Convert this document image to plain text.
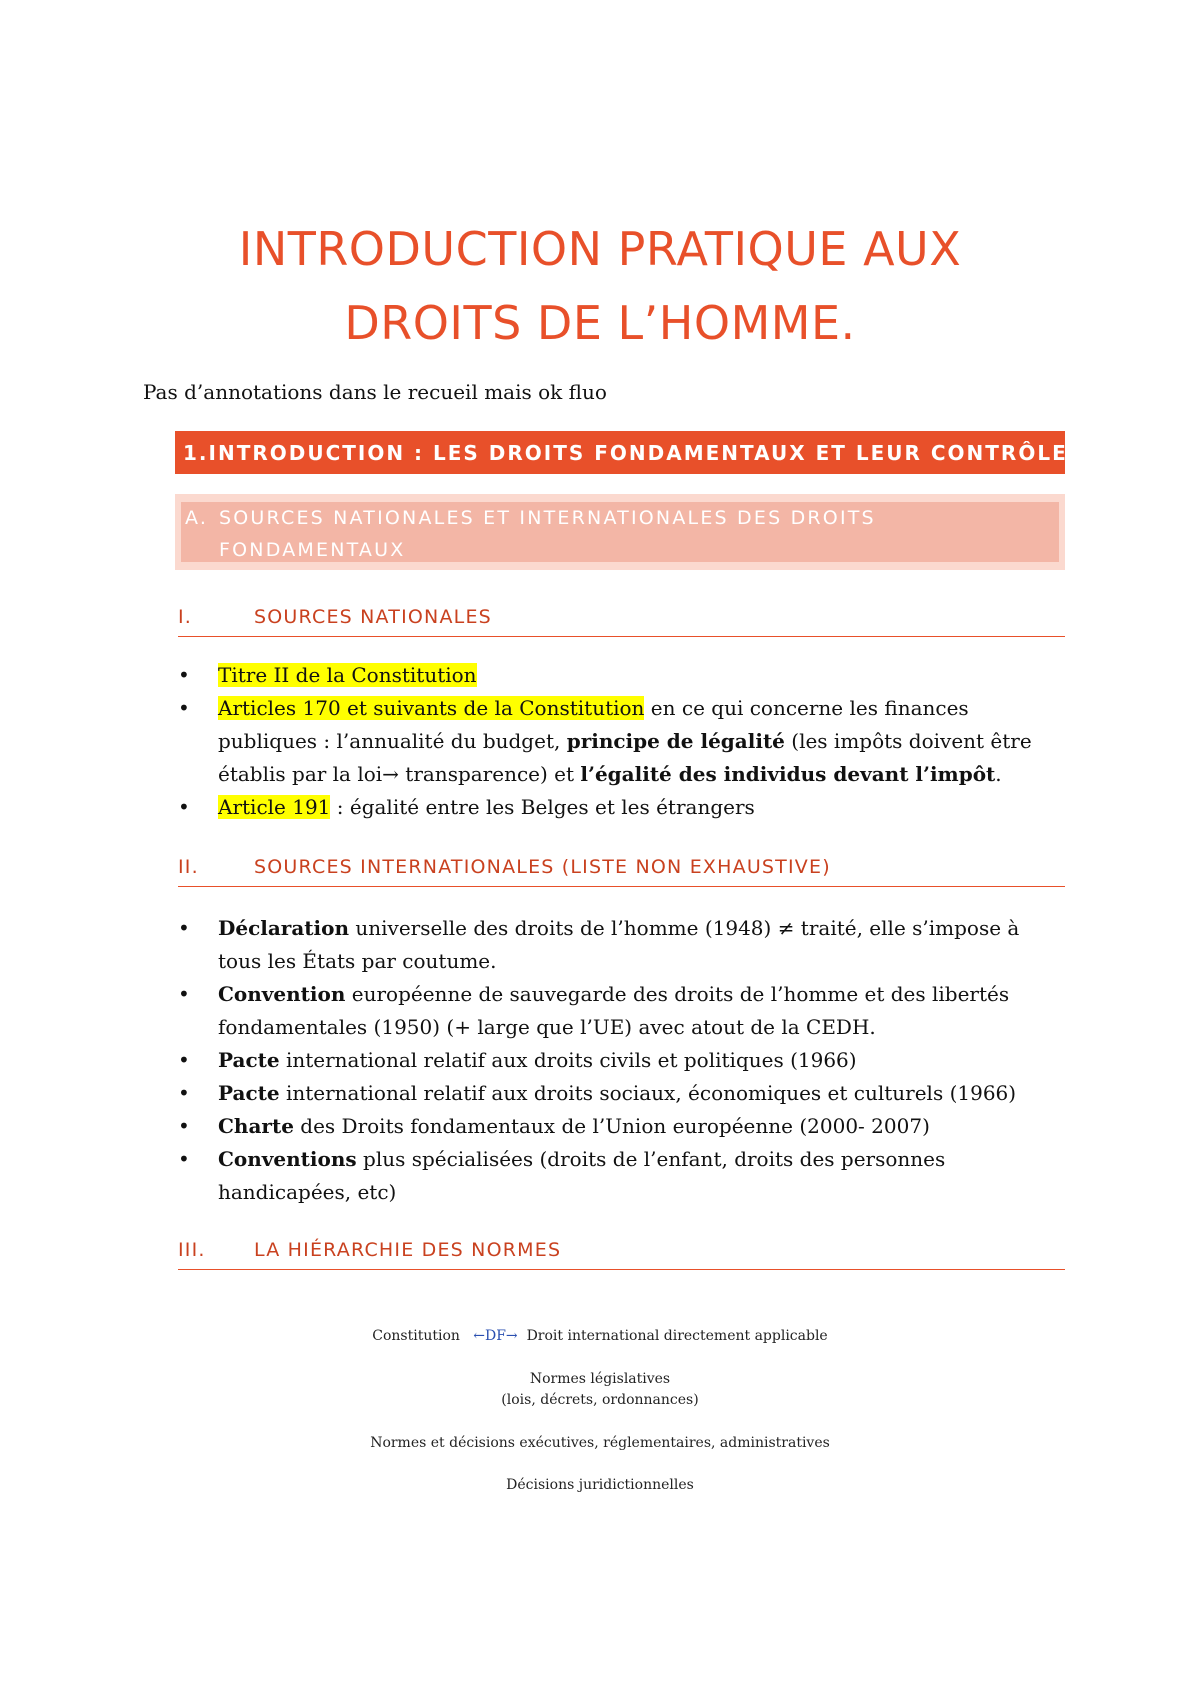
INTRODUCTION PRATIQUE AUX
DROITS DE L’HOMME.
Pas d’annotations dans le recueil mais ok fluo
1. INTRODUCTION : LES DROITS FONDAMENTAUX ET LEUR CONTRÔLE
A. SOURCES NATIONALES ET INTERNATIONALES DES DROITS FONDAMENTAUX
I.	SOURCES NATIONALES
• Titre II de la Constitution
• Articles 170 et suivants de la Constitution en ce qui concerne les finances publiques : l’annualité du budget, principe de légalité (les impôts doivent être établis par la loi→ transparence) et l’égalité des individus devant l’impôt.
• Article 191 : égalité entre les Belges et les étrangers
II.	SOURCES INTERNATIONALES (LISTE NON EXHAUSTIVE)
• Déclaration universelle des droits de l’homme (1948) ≠ traité, elle s’impose à tous les États par coutume.
• Convention européenne de sauvegarde des droits de l’homme et des libertés fondamentales (1950) (+ large que l’UE) avec atout de la CEDH.
• Pacte international relatif aux droits civils et politiques (1966)
• Pacte international relatif aux droits sociaux, économiques et culturels (1966)
• Charte des Droits fondamentaux de l’Union européenne (2000- 2007)
• Conventions plus spécialisées (droits de l’enfant, droits des personnes handicapées, etc)
III.	LA HIÉRARCHIE DES NORMES
Constitution ←DF→ Droit international directement applicable
Normes législatives
(lois, décrets, ordonnances)
Normes et décisions exécutives, réglementaires, administratives
Décisions juridictionnelles
